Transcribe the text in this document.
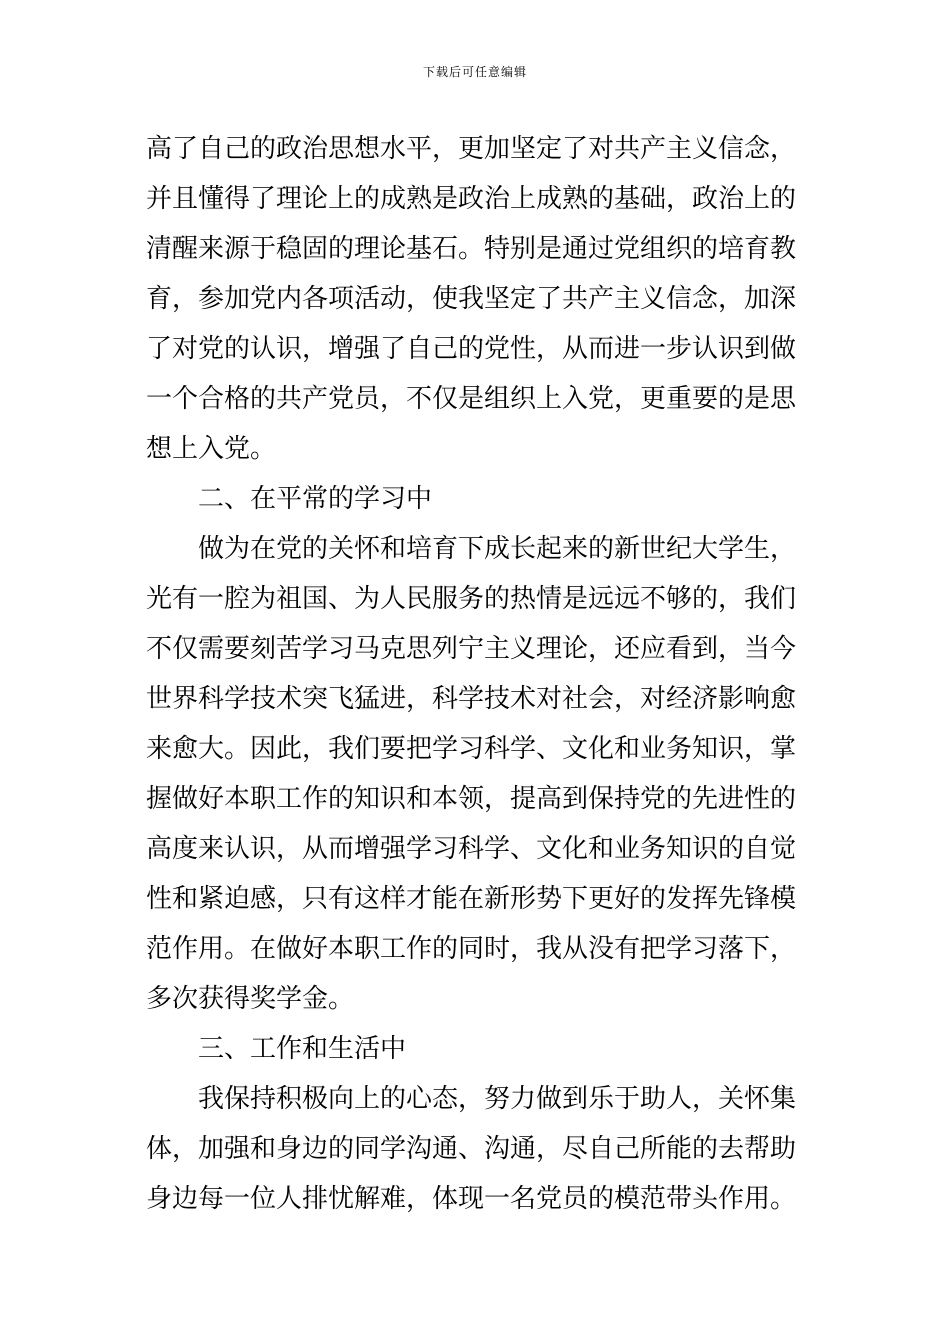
下载后可任意编辑
高了自己的政治思想水平，更加坚定了对共产主义信念，
并且懂得了理论上的成熟是政治上成熟的基础，政治上的
清醒来源于稳固的理论基石。特别是通过党组织的培育教
育，参加党内各项活动，使我坚定了共产主义信念，加深
了对党的认识，增强了自己的党性，从而进一步认识到做
一个合格的共产党员，不仅是组织上入党，更重要的是思
想上入党。
二、在平常的学习中
做为在党的关怀和培育下成长起来的新世纪大学生，
光有一腔为祖国、为人民服务的热情是远远不够的，我们
不仅需要刻苦学习马克思列宁主义理论，还应看到，当今
世界科学技术突飞猛进，科学技术对社会，对经济影响愈
来愈大。因此，我们要把学习科学、文化和业务知识，掌
握做好本职工作的知识和本领，提高到保持党的先进性的
高度来认识，从而增强学习科学、文化和业务知识的自觉
性和紧迫感，只有这样才能在新形势下更好的发挥先锋模
范作用。在做好本职工作的同时，我从没有把学习落下，
多次获得奖学金。
三、工作和生活中
我保持积极向上的心态，努力做到乐于助人，关怀集
体，加强和身边的同学沟通、沟通，尽自己所能的去帮助
身边每一位人排忧解难，体现一名党员的模范带头作用。
